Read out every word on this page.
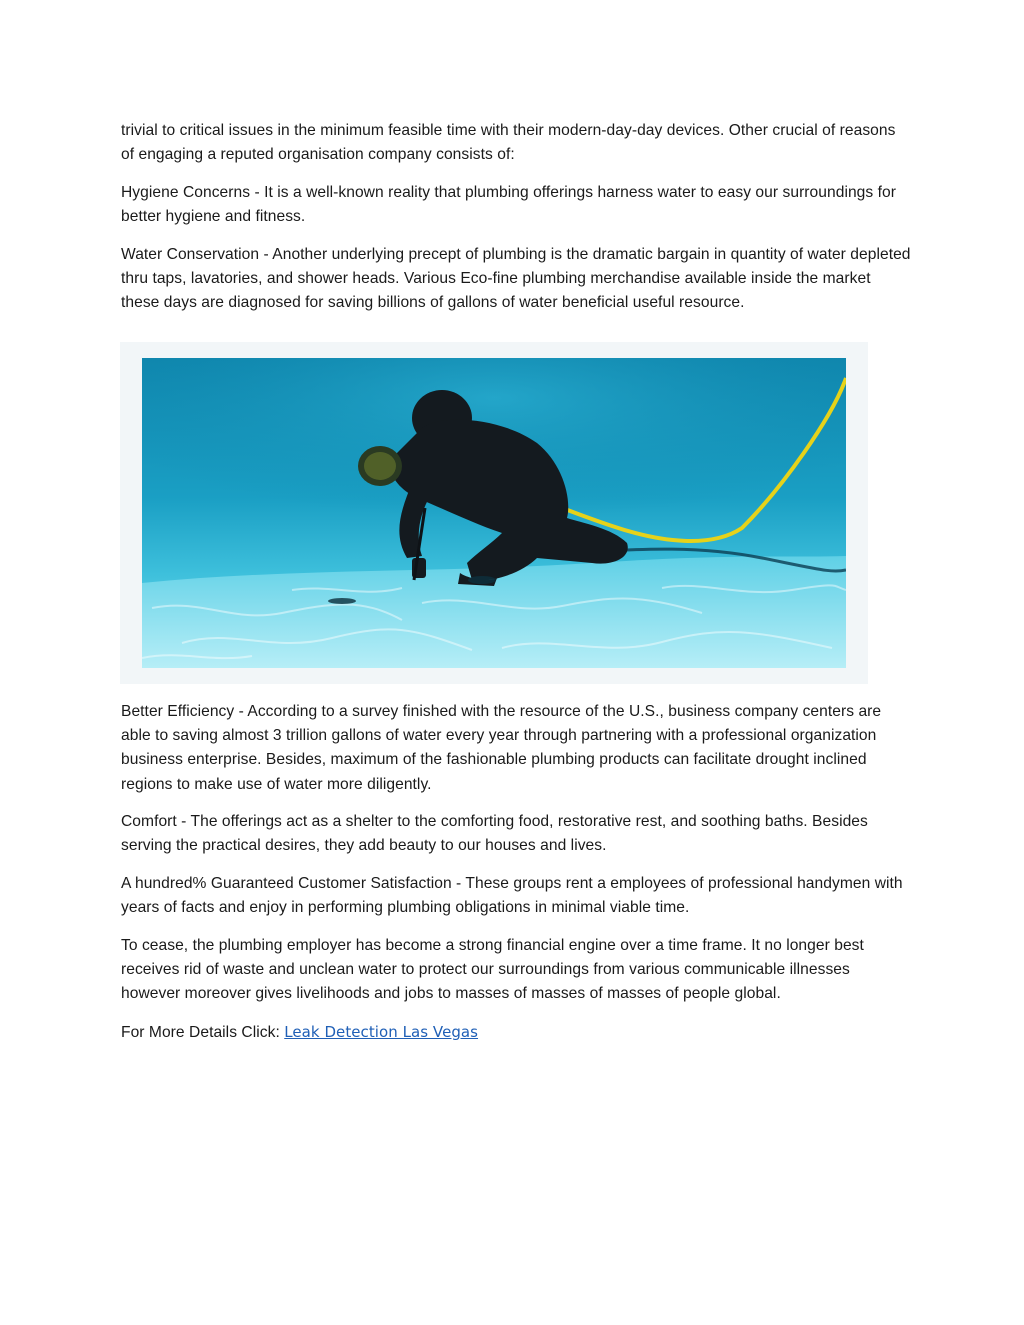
trivial to critical issues in the minimum feasible time with their modern-day-day devices. Other crucial of reasons of engaging a reputed organisation company consists of:

Hygiene Concerns - It is a well-known reality that plumbing offerings harness water to easy our surroundings for better hygiene and fitness.

Water Conservation - Another underlying precept of plumbing is the dramatic bargain in quantity of water depleted thru taps, lavatories, and shower heads. Various Eco-fine plumbing merchandise available inside the market these days are diagnosed for saving billions of gallons of water beneficial useful resource.

Better Efficiency - According to a survey finished with the resource of the U.S., business company centers are able to saving almost 3 trillion gallons of water every year through partnering with a professional organization business enterprise. Besides, maximum of the fashionable plumbing products can facilitate drought inclined regions to make use of water more diligently.

Comfort - The offerings act as a shelter to the comforting food, restorative rest, and soothing baths. Besides serving the practical desires, they add beauty to our houses and lives.

A hundred% Guaranteed Customer Satisfaction - These groups rent a employees of professional handymen with years of facts and enjoy in performing plumbing obligations in minimal viable time.

To cease, the plumbing employer has become a strong financial engine over a time frame. It no longer best receives rid of waste and unclean water to protect our surroundings from various communicable illnesses however moreover gives livelihoods and jobs to masses of masses of masses of people global.

For More Details Click: Leak Detection Las Vegas
